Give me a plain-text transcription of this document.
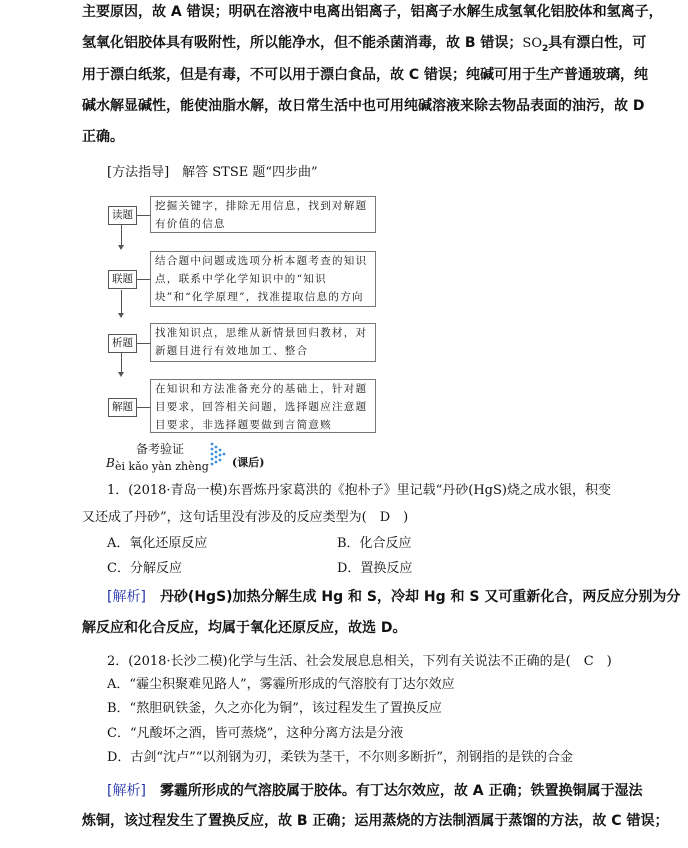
主要原因，故 A 错误；明矾在溶液中电离出铝离子，铝离子水解生成氢氧化铝胶体和氢离子，
氢氧化铝胶体具有吸附性，所以能净水，但不能杀菌消毒，故 B 错误；$SO_2$具有漂白性，可
用于漂白纸浆，但是有毒，不可以用于漂白食品，故 C 错误；纯碱可用于生产普通玻璃，纯
碱水解显碱性，能使油脂水解，故日常生活中也可用纯碱溶液来除去物品表面的油污，故 D
正确。
[方法指导]　解答 STSE 题“四步曲”
读题
挖掘关键字，排除无用信息，找到对解题有价值的信息
联题
结合题中问题或选项分析本题考查的知识点，联系中学化学知识中的“知识块”和“化学原理”，找准提取信息的方向
析题
找准知识点，思维从新情景回归教材，对新题目进行有效地加工、整合
解题
在知识和方法准备充分的基础上，针对题目要求，回答相关问题，选择题应注意题目要求，非选择题要做到言简意赅
备考验证
B èi kǎo yàn zhèng (课后)
1．(2018·青岛一模)东晋炼丹家葛洪的《抱朴子》里记载“丹砂(HgS)烧之成水银，积变
又还成了丹砂”，这句话里没有涉及的反应类型为(　D　)
A．氧化还原反应	B．化合反应
C．分解反应	D．置换反应
[解析]　 丹砂(HgS)加热分解生成 Hg 和 S，冷却 Hg 和 S 又可重新化合，两反应分别为分
解反应和化合反应，均属于氧化还原反应，故选 D。
2．(2018·长沙二模)化学与生活、社会发展息息相关，下列有关说法不正确的是(　C　)
A．“霾尘积聚难见路人”，雾霾所形成的气溶胶有丁达尔效应
B．“熬胆矾铁釜，久之亦化为铜”，该过程发生了置换反应
C．“凡酸坏之酒，皆可蒸烧”，这种分离方法是分液
D．古剑“沈卢”“以剂钢为刃，柔铁为茎干，不尔则多断折”，剂钢指的是铁的合金
[解析]　 雾霾所形成的气溶胶属于胶体。有丁达尔效应，故 A 正确；铁置换铜属于湿法
炼铜，该过程发生了置换反应，故 B 正确；运用蒸烧的方法制酒属于蒸馏的方法，故 C 错误；
